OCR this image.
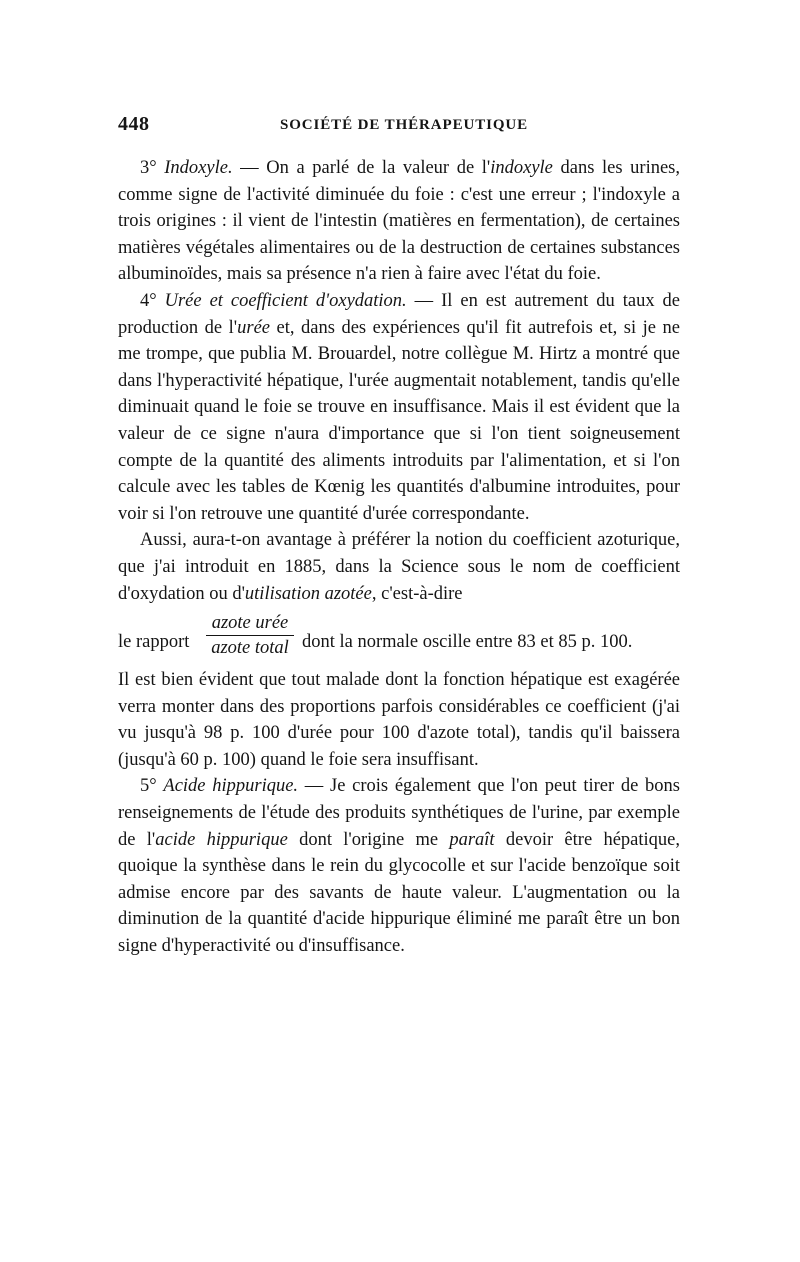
448	SOCIÉTÉ DE THÉRAPEUTIQUE

3° Indoxyle. — On a parlé de la valeur de l'indoxyle dans les urines, comme signe de l'activité diminuée du foie : c'est une erreur ; l'indoxyle a trois origines : il vient de l'intestin (matières en fermentation), de certaines matières végétales alimentaires ou de la destruction de certaines substances albuminoïdes, mais sa présence n'a rien à faire avec l'état du foie.

4° Urée et coefficient d'oxydation. — Il en est autrement du taux de production de l'urée et, dans des expériences qu'il fit autrefois et, si je ne me trompe, que publia M. Brouardel, notre collègue M. Hirtz a montré que dans l'hyperactivité hépatique, l'urée augmentait notablement, tandis qu'elle diminuait quand le foie se trouve en insuffisance. Mais il est évident que la valeur de ce signe n'aura d'importance que si l'on tient soigneusement compte de la quantité des aliments introduits par l'alimentation, et si l'on calcule avec les tables de Kœnig les quantités d'albumine introduites, pour voir si l'on retrouve une quantité d'urée correspondante.

Aussi, aura-t-on avantage à préférer la notion du coefficient azoturique, que j'ai introduit en 1885, dans la Science sous le nom de coefficient d'oxydation ou d'utilisation azotée, c'est-à-dire

le rapport
azote urée
azote total dont la normale oscille entre 83 et 85 p. 100.

Il est bien évident que tout malade dont la fonction hépatique est exagérée verra monter dans des proportions parfois considérables ce coefficient (j'ai vu jusqu'à 98 p. 100 d'urée pour 100 d'azote total), tandis qu'il baissera (jusqu'à 60 p. 100) quand le foie sera insuffisant.

5° Acide hippurique. — Je crois également que l'on peut tirer de bons renseignements de l'étude des produits synthétiques de l'urine, par exemple de l'acide hippurique dont l'origine me paraît devoir être hépatique, quoique la synthèse dans le rein du glycocolle et sur l'acide benzoïque soit admise encore par des savants de haute valeur. L'augmentation ou la diminution de la quantité d'acide hippurique éliminé me paraît être un bon signe d'hyperactivité ou d'insuffisance.
